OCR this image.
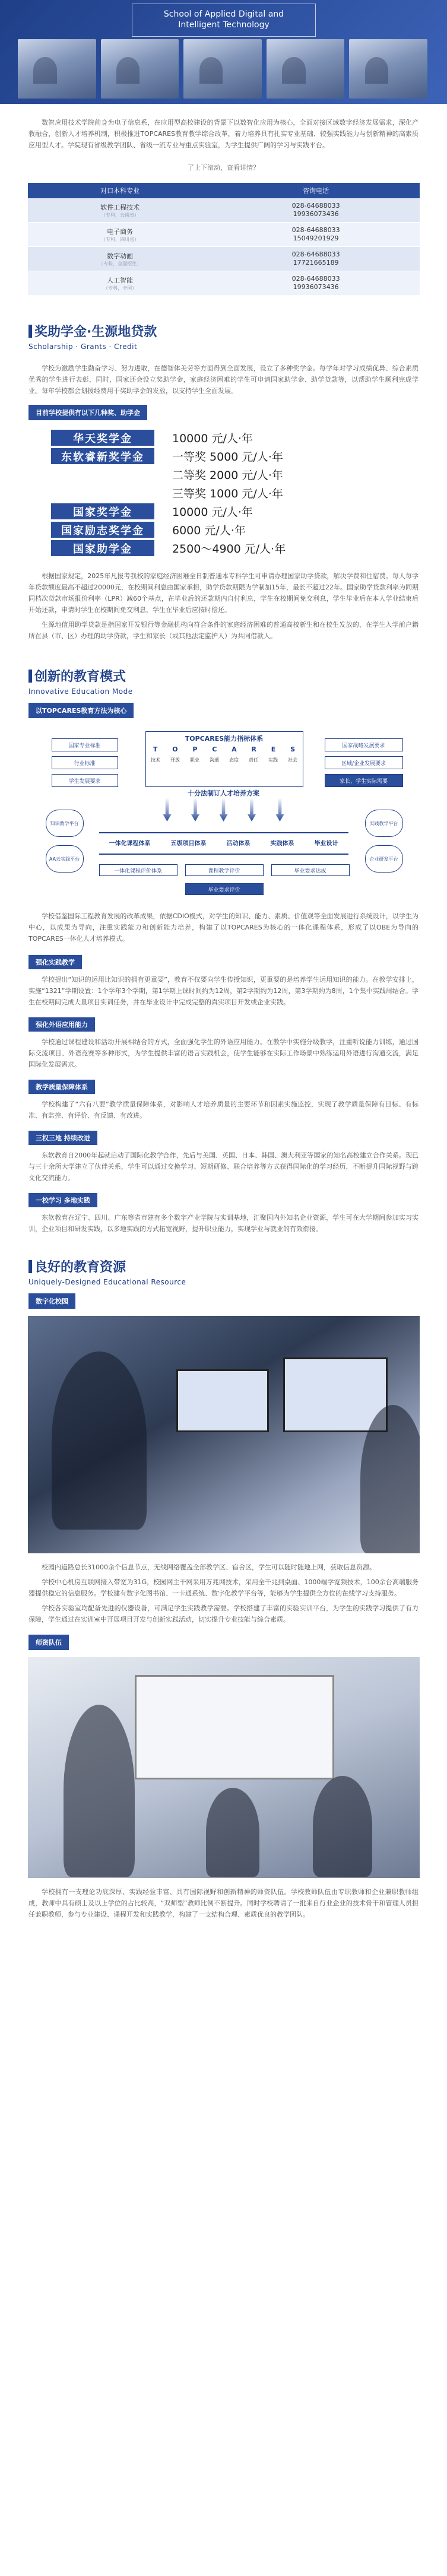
School of Applied Digital and
Intelligent Technology

数智应用技术学院前身为电子信息系，在应用型高校建设的背景下以数智化应用为核心，全面对接区域数字经济发展需求，深化产教融合，创新人才培养机制，积极推进TOPCARES教育教学综合改革，着力培养具有扎实专业基础、较强实践能力与创新精神的高素质应用型人才。学院现有省级教学团队、省级一流专业与重点实验室，为学生提供广阔的学习与实践平台。

了上下滚动，查看详情？
对口本科专业	咨询电话
软件工程技术
（专科，云南省）	028-64688033
19936073436

电子商务
（专科，四川省）	028-64688033
15049201929

数字动画
（专科，全国招生）	028-64688033
17721665189

人工智能
（专科，全国）	028-64688033
19936073436
奖助学金·生源地贷款
Scholarship · Grants · Credit

学校为激励学生勤奋学习、努力进取，在德智体美劳等方面得到全面发展，设立了多种奖学金。每学年对学习成绩优异、综合素质优秀的学生进行表彰，同时，国家还会设立奖助学金，家庭经济困难的学生可申请国家助学金、助学贷款等，以帮助学生顺利完成学业。每年学校都会划拨经费用于奖助学金的发放，以支持学生全面发展。

目前学校提供有以下几种奖、助学金
华天奖学金	10000 元/人·年
东软睿新奖学金	一等奖 5000 元/人·年
二等奖 2000 元/人·年
三等奖 1000 元/人·年
国家奖学金	10000 元/人·年
国家励志奖学金	6000 元/人·年
国家助学金	2500～4900 元/人·年

根据国家规定，2025年凡报考我校的家庭经济困难全日制普通本专科学生可申请办理国家助学贷款，解决学费和住宿费。每人每学年贷款额度最高不超过20000元，在校期间利息由国家承担，助学贷款期限为学制加15年，最长不超过22年。国家助学贷款利率为同期同档次贷款市场报价利率（LPR）减60个基点，在毕业后的还款期内自付利息，学生在校期间免交利息，学生毕业后在本人学业结束后开始还款，申请时学生在校期间免交利息，学生在毕业后应按时偿还。

生源地信用助学贷款是指国家开发银行等金融机构向符合条件的家庭经济困难的普通高校新生和在校生发放的、在学生入学前户籍所在县（市、区）办理的助学贷款，学生和家长（或其他法定监护人）为共同借款人。

创新的教育模式
Innovative Education Mode
以TOPCARES教育方法为核心
国家专业标准
行业标准
学生发展要求
TOPCARES能力指标体系
T O P C A R E S
技术 开放 职业 沟通 态度 责任 实践 社会
国家战略发展要求
区域/企业发展要求
家长、学生实际需要
十分法制订人才培养方案
知识教学平台
AA云实践平台
实践教学平台
企业研发平台
一体化课程体系	五级项目体系	活动体系	实践体系	毕业设计
一体化课程评价体系	课程教学评价	毕业要求达成
毕业要求评价

学校借鉴国际工程教育发展的改革成果，依据CDIO模式，对学生的知识、能力、素质、价值观等全面发展进行系统设计，以学生为中心，以成果为导向，注重实践能力和创新能力培养，构建了以TOPCARES为核心的一体化课程体系，形成了以OBE为导向的TOPCARES一体化人才培养模式。

强化实践教学

学校提出“知识的运用比知识的拥有更重要”，教育不仅要向学生传授知识，更重要的是培养学生运用知识的能力。在教学安排上，实施“1321”学期设置：1个学年3个学期，第1学期上课时间约为12周，第2学期约为12周，第3学期约为8周，1个集中实践周结合。学生在校期间完成大量项目实训任务，并在毕业设计中完成完整的真实项目开发或企业实践。

强化外语应用能力

学校通过课程建设和活动开展相结合的方式，全面强化学生的外语应用能力。在教学中实施分级教学，注重听说能力训练，通过国际交流项目、外语竞赛等多种形式，为学生提供丰富的语言实践机会，使学生能够在实际工作场景中熟练运用外语进行沟通交流，满足国际化发展需求。

教学质量保障体系

学校构建了“六有八要”教学质量保障体系，对影响人才培养质量的主要环节和因素实施监控，实现了教学质量保障有目标、有标准、有监控、有评价、有反馈、有改进。

三权三地 持续改进

东软教育自2000年起就启动了国际化教学合作，先后与美国、英国、日本、韩国、澳大利亚等国家的知名高校建立合作关系。现已与三十余所大学建立了伙伴关系，学生可以通过交换学习、短期研修、联合培养等方式获得国际化的学习经历，不断提升国际视野与跨文化交流能力。

一校学习 多地实践

东软教育在辽宁、四川、广东等省市建有多个数字产业学院与实训基地，汇聚国内外知名企业资源，学生可在大学期间参加实习实训，企业项目和研发实践，以多地实践的方式拓宽视野，提升职业能力，实现学业与就业的有效衔接。

良好的教育资源
Uniquely-Designed Educational Resource
数字化校园

校园内道路总长31000余个信息节点，无线网络覆盖全部教学区、宿舍区，学生可以随时随地上网，获取信息资源。

学校中心机房互联网接入带宽为31G，校园网主干网采用万兆网技术，采用全千兆到桌面、1000端学宽频技术，100余台高端服务器提供稳定的信息服务。学校建有数字化图书馆、一卡通系统、数字化教学平台等，能够为学生提供全方位的在线学习支持服务。

学校各实验室均配备先进的仪器设备，可满足学生实践教学需要。学校搭建了丰富的实验实训平台，为学生的实践学习提供了有力保障，学生通过在实训室中开展项目开发与创新实践活动，切实提升专业技能与综合素质。

师资队伍

学校拥有一支理论功底深厚、实践经验丰富、具有国际视野和创新精神的师资队伍。学校教师队伍由专职教师和企业兼职教师组成，教师中具有硕士及以上学位的占比较高，“双师型”教师比例不断提升。同时学校聘请了一批来自行业企业的技术骨干和管理人员担任兼职教师，参与专业建设、课程开发和实践教学，构建了一支结构合理、素质优良的教学团队。
